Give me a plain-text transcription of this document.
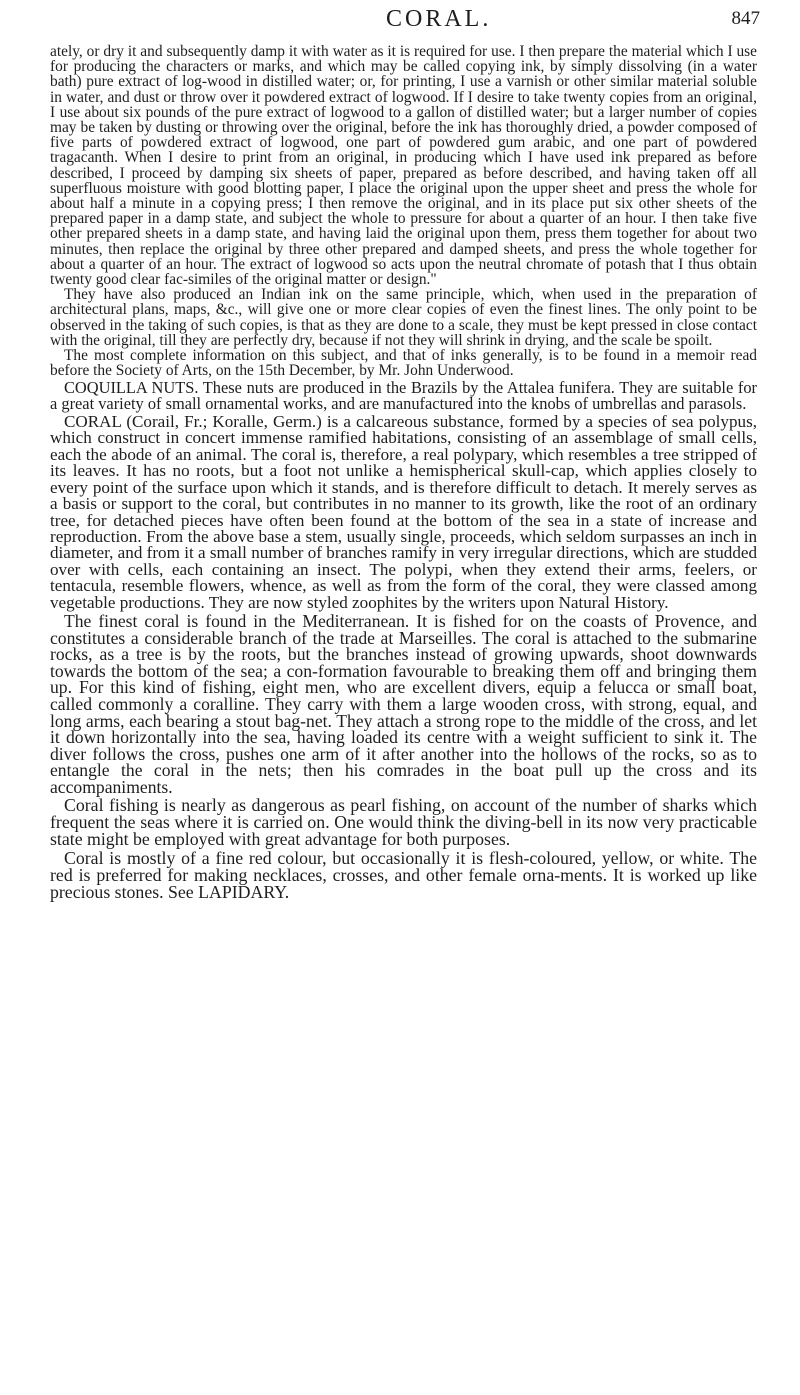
CORAL.	847

ately, or dry it and subsequently damp it with water as it is required for use. I then prepare the material which I use for producing the characters or marks, and which may be called copying ink, by simply dissolving (in a water bath) pure extract of log-wood in distilled water; or, for printing, I use a varnish or other similar material soluble in water, and dust or throw over it powdered extract of logwood. If I desire to take twenty copies from an original, I use about six pounds of the pure extract of logwood to a gallon of distilled water; but a larger number of copies may be taken by dusting or throwing over the original, before the ink has thoroughly dried, a powder composed of five parts of powdered extract of logwood, one part of powdered gum arabic, and one part of powdered tragacanth. When I desire to print from an original, in producing which I have used ink prepared as before described, I proceed by damping six sheets of paper, prepared as before described, and having taken off all superfluous moisture with good blotting paper, I place the original upon the upper sheet and press the whole for about half a minute in a copying press; I then remove the original, and in its place put six other sheets of the prepared paper in a damp state, and subject the whole to pressure for about a quarter of an hour. I then take five other prepared sheets in a damp state, and having laid the original upon them, press them together for about two minutes, then replace the original by three other prepared and damped sheets, and press the whole together for about a quarter of an hour. The extract of logwood so acts upon the neutral chromate of potash that I thus obtain twenty good clear fac-similes of the original matter or design."

They have also produced an Indian ink on the same principle, which, when used in the preparation of architectural plans, maps, &c., will give one or more clear copies of even the finest lines. The only point to be observed in the taking of such copies, is that as they are done to a scale, they must be kept pressed in close contact with the original, till they are perfectly dry, because if not they will shrink in drying, and the scale be spoilt.

The most complete information on this subject, and that of inks generally, is to be found in a memoir read before the Society of Arts, on the 15th December, by Mr. John Underwood.

COQUILLA NUTS. These nuts are produced in the Brazils by the Attalea funifera. They are suitable for a great variety of small ornamental works, and are manufactured into the knobs of umbrellas and parasols.

CORAL (Corail, Fr.; Koralle, Germ.) is a calcareous substance, formed by a species of sea polypus, which construct in concert immense ramified habitations, consisting of an assemblage of small cells, each the abode of an animal. The coral is, therefore, a real polypary, which resembles a tree stripped of its leaves. It has no roots, but a foot not unlike a hemispherical skull-cap, which applies closely to every point of the surface upon which it stands, and is therefore difficult to detach. It merely serves as a basis or support to the coral, but contributes in no manner to its growth, like the root of an ordinary tree, for detached pieces have often been found at the bottom of the sea in a state of increase and reproduction. From the above base a stem, usually single, proceeds, which seldom surpasses an inch in diameter, and from it a small number of branches ramify in very irregular directions, which are studded over with cells, each containing an insect. The polypi, when they extend their arms, feelers, or tentacula, resemble flowers, whence, as well as from the form of the coral, they were classed among vegetable productions. They are now styled zoophites by the writers upon Natural History.

The finest coral is found in the Mediterranean. It is fished for on the coasts of Provence, and constitutes a considerable branch of the trade at Marseilles. The coral is attached to the submarine rocks, as a tree is by the roots, but the branches instead of growing upwards, shoot downwards towards the bottom of the sea; a con-formation favourable to breaking them off and bringing them up. For this kind of fishing, eight men, who are excellent divers, equip a felucca or small boat, called commonly a coralline. They carry with them a large wooden cross, with strong, equal, and long arms, each bearing a stout bag-net. They attach a strong rope to the middle of the cross, and let it down horizontally into the sea, having loaded its centre with a weight sufficient to sink it. The diver follows the cross, pushes one arm of it after another into the hollows of the rocks, so as to entangle the coral in the nets; then his comrades in the boat pull up the cross and its accompaniments.

Coral fishing is nearly as dangerous as pearl fishing, on account of the number of sharks which frequent the seas where it is carried on. One would think the diving-bell in its now very practicable state might be employed with great advantage for both purposes.

Coral is mostly of a fine red colour, but occasionally it is flesh-coloured, yellow, or white. The red is preferred for making necklaces, crosses, and other female orna-ments. It is worked up like precious stones. See LAPIDARY.
